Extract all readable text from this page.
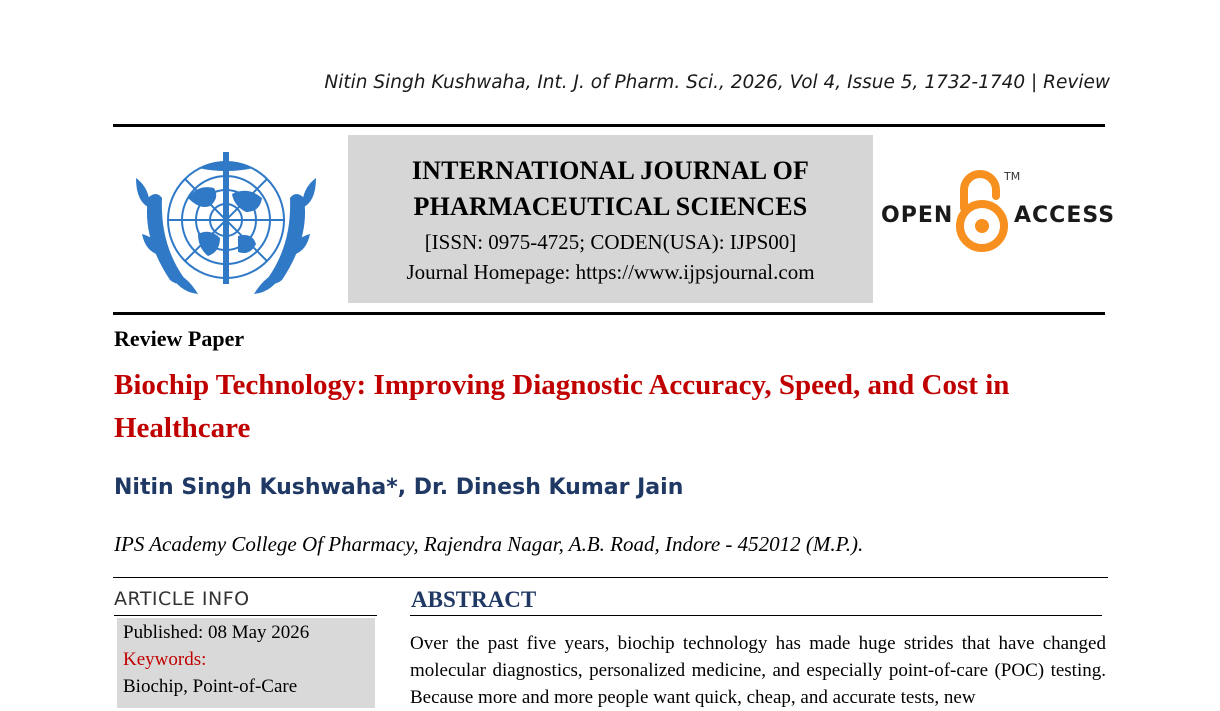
Nitin Singh Kushwaha, Int. J. of Pharm. Sci., 2026, Vol 4, Issue 5, 1732-1740 | Review
INTERNATIONAL JOURNAL OF
PHARMACEUTICAL SCIENCES
[ISSN: 0975-4725; CODEN(USA): IJPS00]
Journal Homepage: https://www.ijpsjournal.com
OPEN
TM
ACCESS
Review Paper
Biochip Technology: Improving Diagnostic Accuracy, Speed, and Cost in Healthcare
Nitin Singh Kushwaha*, Dr. Dinesh Kumar Jain
IPS Academy College Of Pharmacy, Rajendra Nagar, A.B. Road, Indore - 452012 (M.P.).
ARTICLE INFO
Published: 08 May 2026
Keywords:
Biochip, Point-of-Care
ABSTRACT
Over the past five years, biochip technology has made huge strides that have changed molecular diagnostics, personalized medicine, and especially point-of-care (POC) testing. Because more and more people want quick, cheap, and accurate tests, new
